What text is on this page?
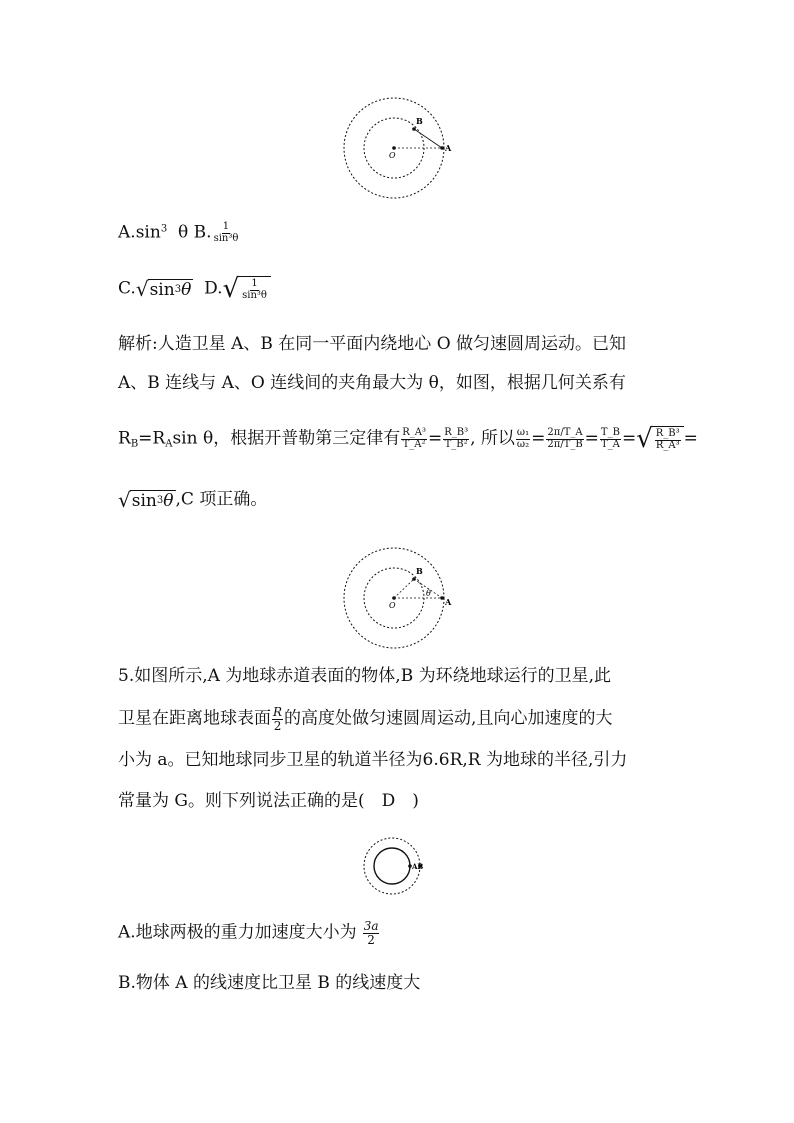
B
A
O
$A.\sin^3$ θ B. $\frac{1}{\text{sin³θ}}$
C. √ sin 3 θ D. √ $\frac{1}{\text{sin³θ}}$
解析:人造卫星 A、B 在同一平面内绕地心 O 做匀速圆周运动。已知
A、B 连线与 A、O 连线间的夹角最大为 θ，如图，根据几何关系有
$R_B=R_A\sin$ θ，根据开普勒第三定律有 $\frac{\text{R\_A³}}{\text{T\_A²}} = \frac{\text{R\_B³}}{\text{T\_B²}}$ , 所以 $\frac{\text{ω₁}}{\text{ω₂}} = \frac{2\pi/T\_A}{2\pi/T\_B} = \frac{T\_B}{T\_A}$ = √ $\frac{\text{R\_B³}}{\text{R\_A³}}$ =
√ sin 3 θ ,C 项正确。
B
A
O
θ
5.如图所示,A 为地球赤道表面的物体,B 为环绕地球运行的卫星,此
卫星在距离地球表面 $\frac{R}{2}$ 的高度处做匀速圆周运动,且向心加速度的大
小为 a。已知地球同步卫星的轨道半径为6.6R,R 为地球的半径,引力
常量为 G。则下列说法正确的是(　D　)
AB
A.地球两极的重力加速度大小为 $\frac{3a}{2}$
B.物体 A 的线速度比卫星 B 的线速度大
